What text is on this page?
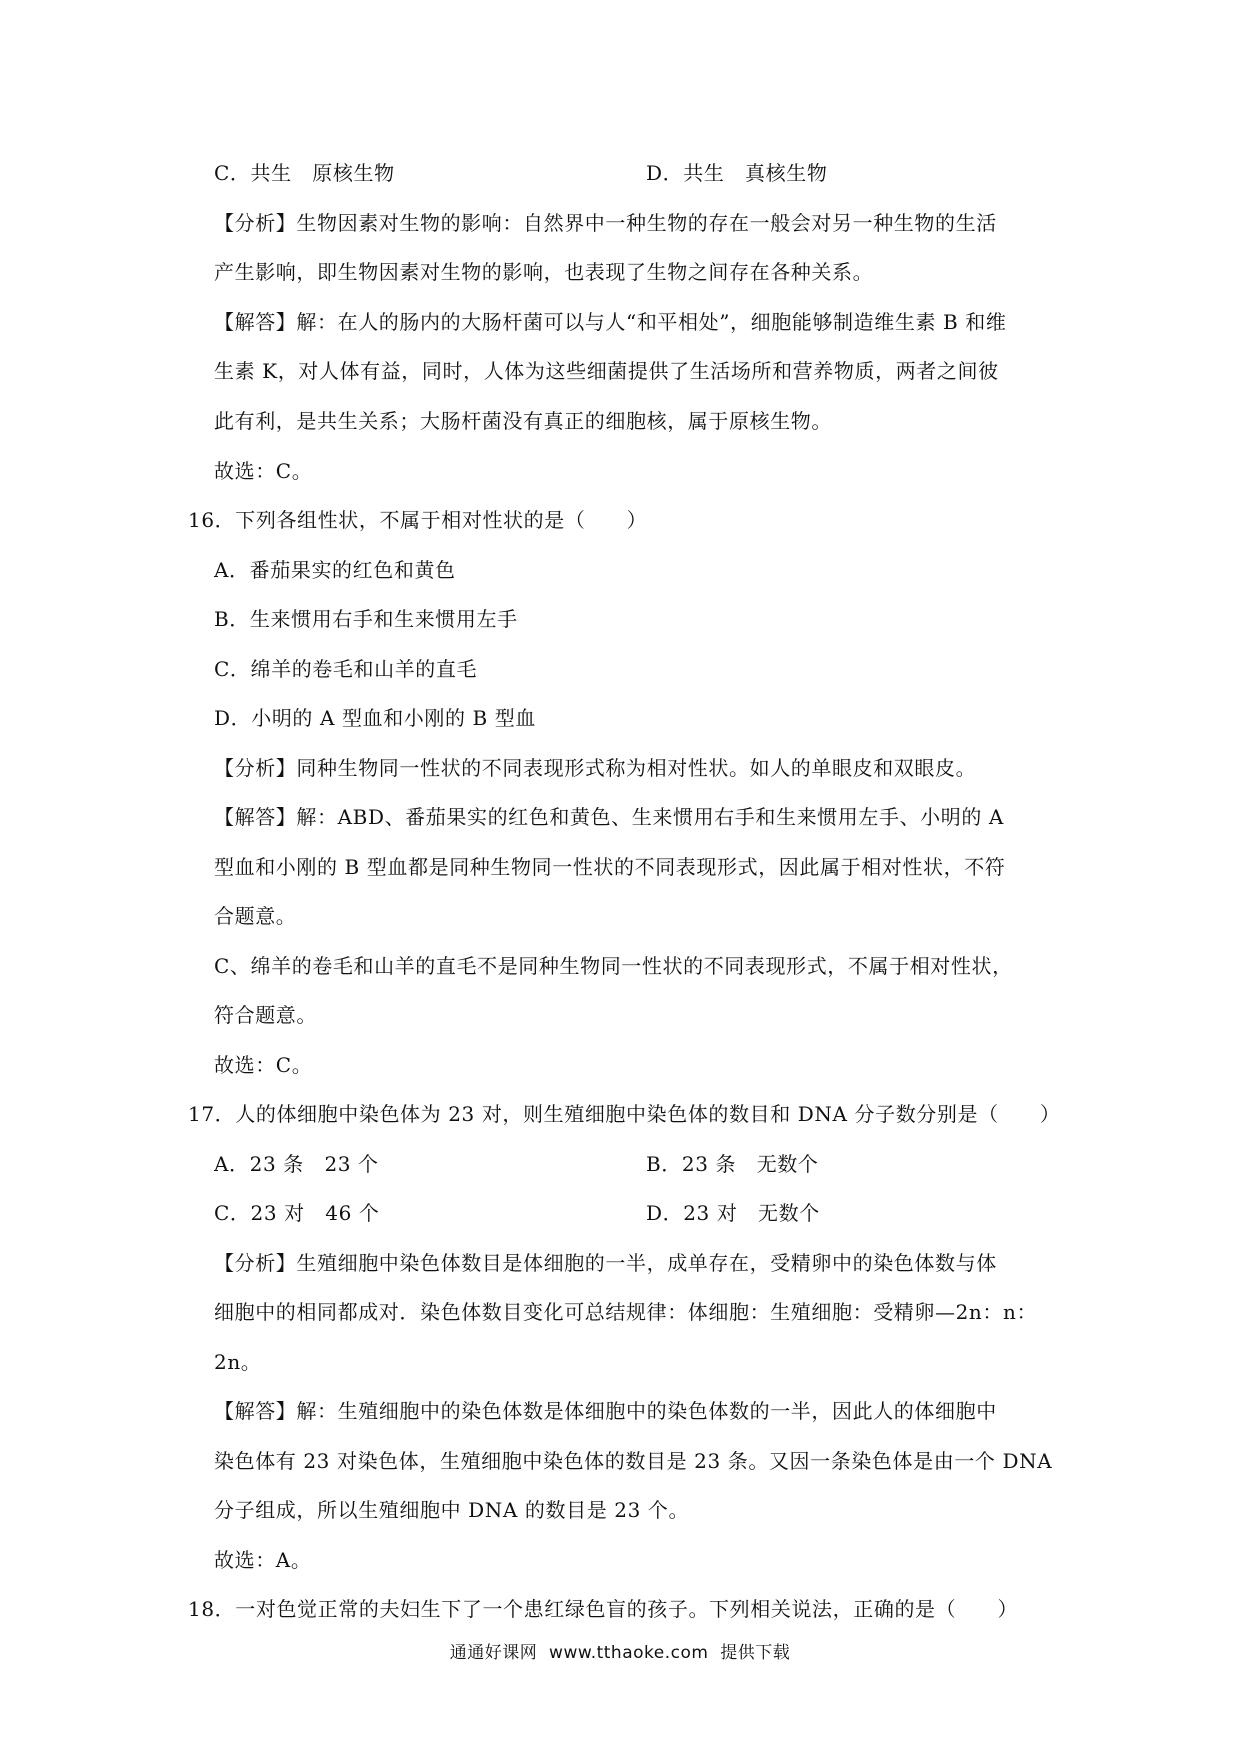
C．共生　原核生物	D．共生　真核生物
【分析】生物因素对生物的影响：自然界中一种生物的存在一般会对另一种生物的生活
产生影响，即生物因素对生物的影响，也表现了生物之间存在各种关系。
【解答】解：在人的肠内的大肠杆菌可以与人“和平相处”，细胞能够制造维生素 B 和维
生素 K，对人体有益，同时，人体为这些细菌提供了生活场所和营养物质，两者之间彼
此有利，是共生关系；大肠杆菌没有真正的细胞核，属于原核生物。
故选：C。
16．下列各组性状，不属于相对性状的是（　　）
A．番茄果实的红色和黄色
B．生来惯用右手和生来惯用左手
C．绵羊的卷毛和山羊的直毛
D．小明的 A 型血和小刚的 B 型血
【分析】同种生物同一性状的不同表现形式称为相对性状。如人的单眼皮和双眼皮。
【解答】解：ABD、番茄果实的红色和黄色、生来惯用右手和生来惯用左手、小明的 A
型血和小刚的 B 型血都是同种生物同一性状的不同表现形式，因此属于相对性状，不符
合题意。
C、绵羊的卷毛和山羊的直毛不是同种生物同一性状的不同表现形式，不属于相对性状，
符合题意。
故选：C。
17．人的体细胞中染色体为 23 对，则生殖细胞中染色体的数目和 DNA 分子数分别是（　　）
A．23 条　23 个	B．23 条　无数个
C．23 对　46 个	D．23 对　无数个
【分析】生殖细胞中染色体数目是体细胞的一半，成单存在，受精卵中的染色体数与体
细胞中的相同都成对．染色体数目变化可总结规律：体细胞：生殖细胞：受精卵—2n：n：
2n。
【解答】解：生殖细胞中的染色体数是体细胞中的染色体数的一半，因此人的体细胞中
染色体有 23 对染色体，生殖细胞中染色体的数目是 23 条。又因一条染色体是由一个 DNA
分子组成，所以生殖细胞中 DNA 的数目是 23 个。
故选：A。
18．一对色觉正常的夫妇生下了一个患红绿色盲的孩子。下列相关说法，正确的是（　　）
通通好课网  www.tthaoke.com  提供下载
